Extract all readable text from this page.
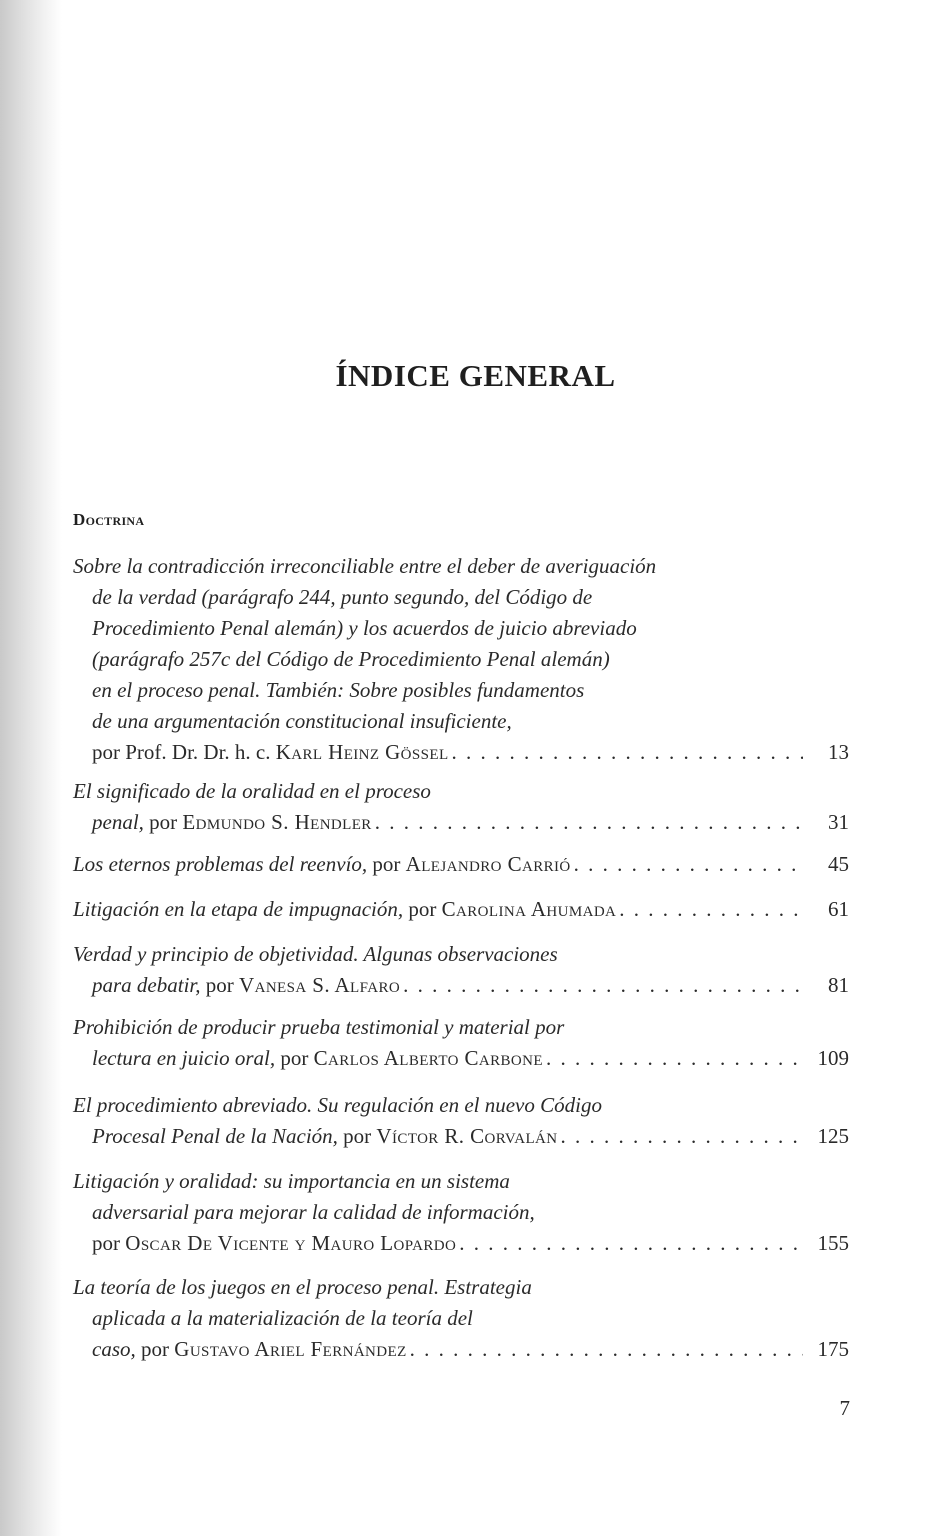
ÍNDICE GENERAL
Doctrina
Sobre la contradicción irreconciliable entre el deber de averiguación
de la verdad (parágrafo 244, punto segundo, del Código de
Procedimiento Penal alemán) y los acuerdos de juicio abreviado
(parágrafo 257c del Código de Procedimiento Penal alemán)
en el proceso penal. También: Sobre posibles fundamentos
de una argumentación constitucional insuficiente,
por Prof. Dr. Dr. h. c.
Karl Heinz Gössel . . .	13
El significado de la oralidad en el proceso
penal,
por
Edmundo S. Hendler . . .	31
Los eternos problemas del reenvío,
por
Alejandro Carrió . . .	45
Litigación en la etapa de impugnación,
por
Carolina Ahumada . . .	61
Verdad y principio de objetividad. Algunas observaciones
para debatir,
por
Vanesa S. Alfaro . . .	81
Prohibición de producir prueba testimonial y material por
lectura en juicio oral,
por
Carlos Alberto Carbone . . .	109
El procedimiento abreviado. Su regulación en el nuevo Código
Procesal Penal de la Nación,
por
Víctor R. Corvalán . . .	125
Litigación y oralidad: su importancia en un sistema
adversarial para mejorar la calidad de información,
por
Oscar De Vicente y Mauro Lopardo . . .	155
La teoría de los juegos en el proceso penal. Estrategia
aplicada a la materialización de la teoría del
caso,
por
Gustavo Ariel Fernández . . .	175
7
